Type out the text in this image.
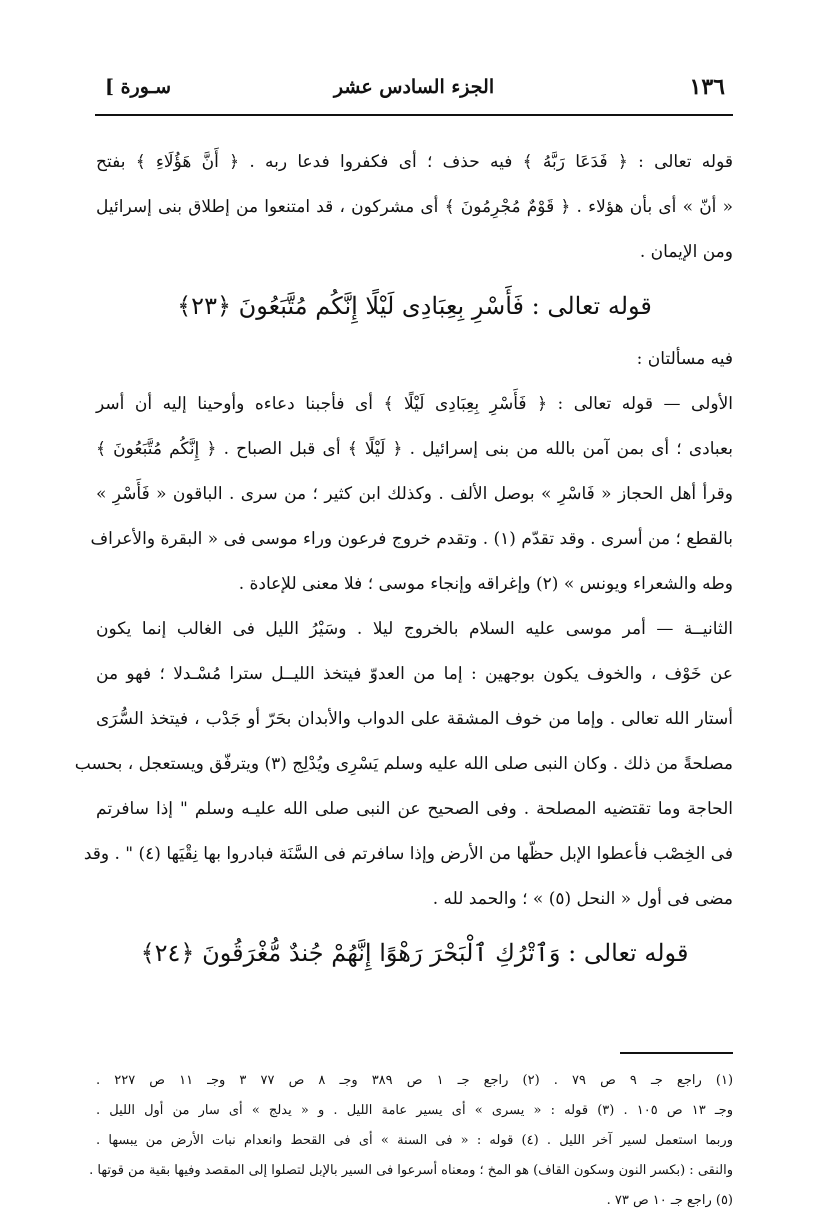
١٣٦
الجزء السادس عشر
سـورة ]
قوله تعالى : ﴿ فَدَعَا رَبَّهُ ﴾ فيه حذف ؛ أى فكفروا فدعا ربه . ﴿ أَنَّ هَؤُلَاءِ ﴾ بفتح
« أنّ » أى بأن هؤلاء . ﴿ قَوْمٌ مُجْرِمُونَ ﴾ أى مشركون ، قد امتنعوا من إطلاق بنى إسرائيل
ومن الإيمان .
قوله تعالى : فَأَسْرِ بِعِبَادِى لَيْلًا إِنَّكُم مُتَّبَعُونَ ﴿٢٣﴾
فيه مسألتان :
الأولى — قوله تعالى : ﴿ فَأَسْرِ بِعِبَادِى لَيْلًا ﴾ أى فأجبنا دعاءه وأوحينا إليه أن أسر
بعبادى ؛ أى بمن آمن بالله من بنى إسرائيل . ﴿ لَيْلًا ﴾ أى قبل الصباح . ﴿ إِنَّكُم مُتَّبَعُونَ ﴾
وقرأ أهل الحجاز « فَاسْرِ » بوصل الألف . وكذلك ابن كثير ؛ من سرى . الباقون « فَأَسْرِ »
بالقطع ؛ من أسرى . وقد تقدّم (١) . وتقدم خروج فرعون وراء موسى فى « البقرة والأعراف
وطه والشعراء ويونس » (٢) وإغراقه وإنجاء موسى ؛ فلا معنى للإعادة .
الثانيــة — أمر موسى عليه السلام بالخروج ليلا . وسَيْرُ الليل فى الغالب إنما يكون
عن خَوْف ، والخوف يكون بوجهين : إما من العدوّ فيتخذ الليــل سترا مُسْـدلا ؛ فهو من
أستار الله تعالى . وإما من خوف المشقة على الدواب والأبدان بحَرّ أو جَدْب ، فيتخذ السُّرَى
مصلحةً من ذلك . وكان النبى صلى الله عليه وسلم يَسْرِى ويُدْلِج (٣) ويترفّق ويستعجل ، بحسب
الحاجة وما تقتضيه المصلحة . وفى الصحيح عن النبى صلى الله عليـه وسلم " إذا سافرتم
فى الخِصْب فأعطوا الإبل حظّها من الأرض وإذا سافرتم فى السَّنَة فبادروا بها نِقْيَها (٤) " . وقد
مضى فى أول « النحل (٥) » ؛ والحمد لله .
قوله تعالى : وَٱتْرُكِ ٱلْبَحْرَ رَهْوًا إِنَّهُمْ جُندٌ مُّغْرَقُونَ ﴿٢٤﴾
(١) راجع جـ ٩ ص ٧٩ . (٢) راجع جـ ١ ص ٣٨٩ وجـ ٨ ص ٧٧ ٣ وجـ ١١ ص ٢٢٧ .
وجـ ١٣ ص ١٠٥ . (٣) قوله : « يسرى » أى يسير عامة الليل . و « يدلج » أى سار من أول الليل .
وربما استعمل لسير آخر الليل . (٤) قوله : « فى السنة » أى فى القحط وانعدام نبات الأرض من يبسها .
والنقى : (بكسر النون وسكون القاف) هو المخ ؛ ومعناه أسرعوا فى السير بالإبل لتصلوا إلى المقصد وفيها بقية من قوتها .
(٥) راجع جـ ١٠ ص ٧٣ .
